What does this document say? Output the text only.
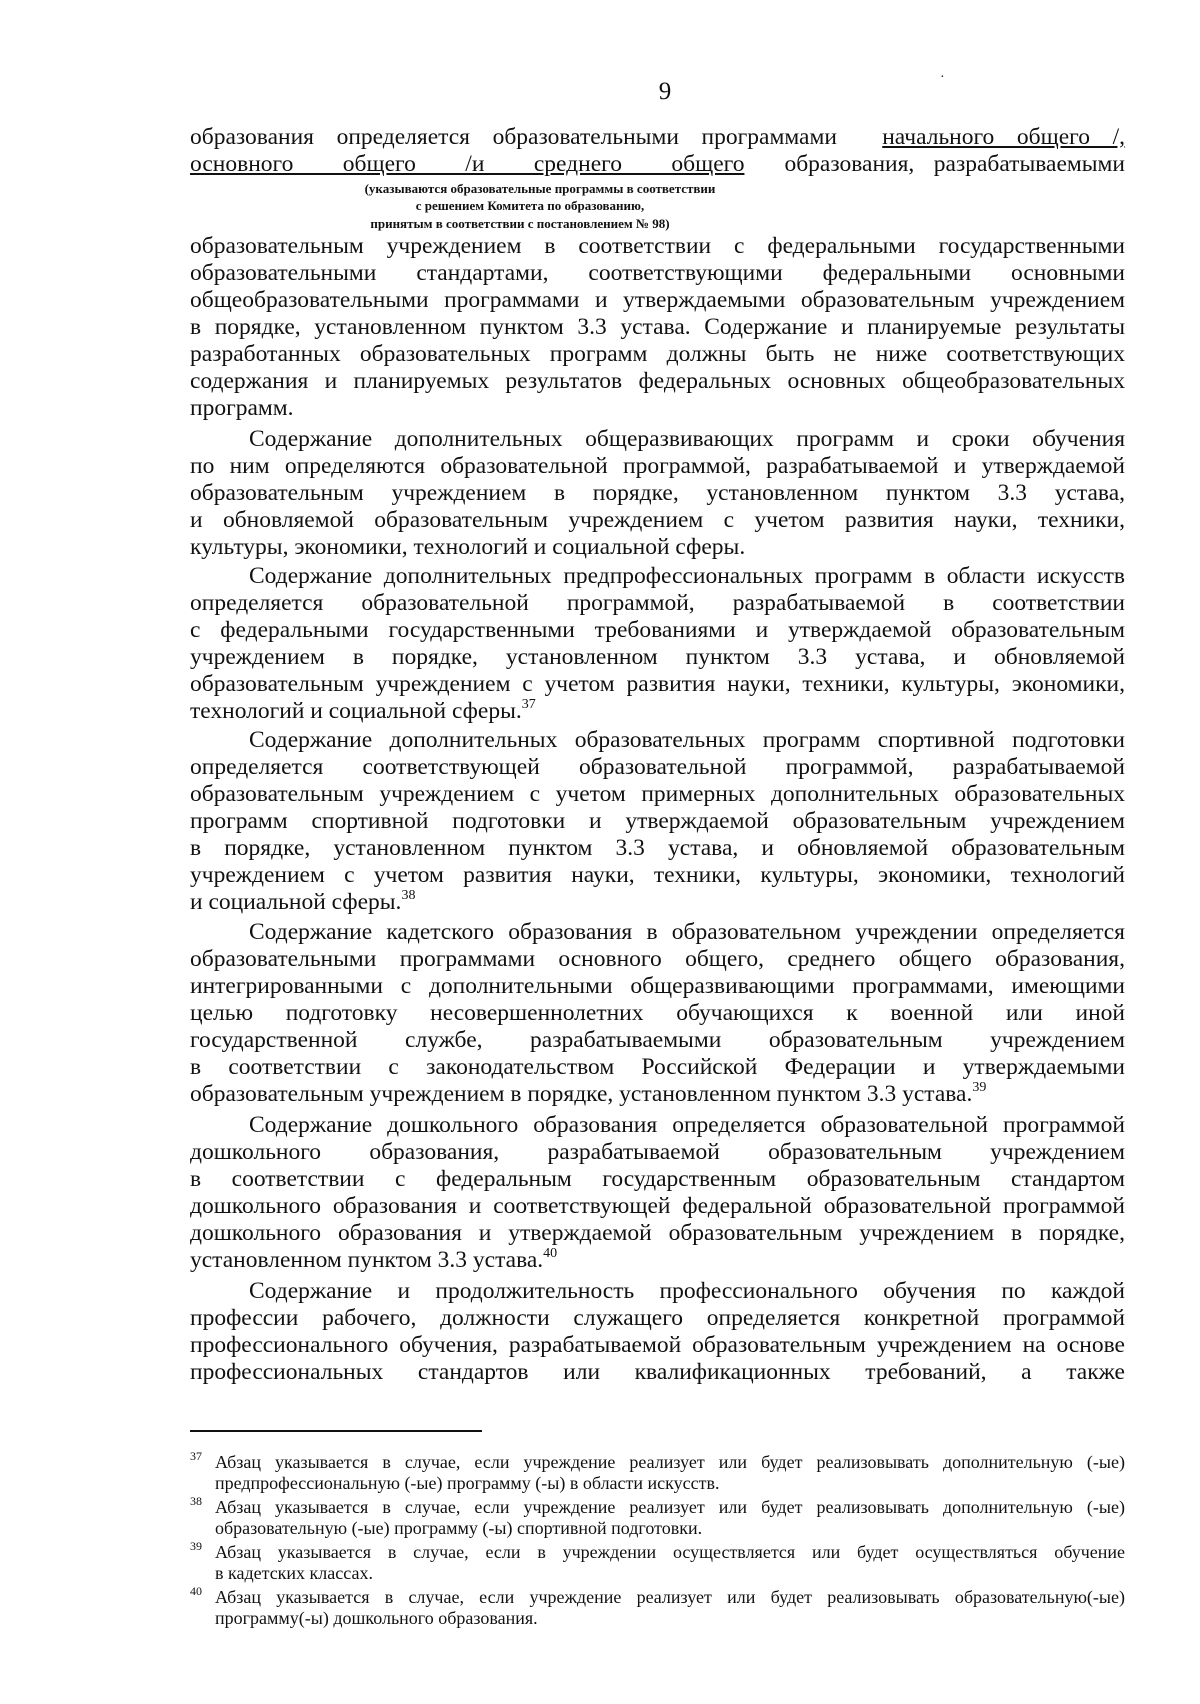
9
·
образования определяется образовательными программами начального общего /,
основного общего /и среднего общего образования, разрабатываемыми
(указываются образовательные программы в соответствии
с решением Комитета по образованию,
принятым в соответствии с постановлением № 98)
образовательным учреждением в соответствии с федеральными государственными
образовательными стандартами, соответствующими федеральными основными
общеобразовательными программами и утверждаемыми образовательным учреждением
в порядке, установленном пунктом 3.3 устава. Содержание и планируемые результаты
разработанных образовательных программ должны быть не ниже соответствующих
содержания и планируемых результатов федеральных основных общеобразовательных
программ.
Содержание дополнительных общеразвивающих программ и сроки обучения
по ним определяются образовательной программой, разрабатываемой и утверждаемой
образовательным учреждением в порядке, установленном пунктом 3.3 устава,
и обновляемой образовательным учреждением с учетом развития науки, техники,
культуры, экономики, технологий и социальной сферы.
Содержание дополнительных предпрофессиональных программ в области искусств
определяется образовательной программой, разрабатываемой в соответствии
с федеральными государственными требованиями и утверждаемой образовательным
учреждением в порядке, установленном пунктом 3.3 устава, и обновляемой
образовательным учреждением с учетом развития науки, техники, культуры, экономики,
технологий и социальной сферы.$^{37}$
Содержание дополнительных образовательных программ спортивной подготовки
определяется соответствующей образовательной программой, разрабатываемой
образовательным учреждением с учетом примерных дополнительных образовательных
программ спортивной подготовки и утверждаемой образовательным учреждением
в порядке, установленном пунктом 3.3 устава, и обновляемой образовательным
учреждением с учетом развития науки, техники, культуры, экономики, технологий
и социальной сферы.$^{38}$
Содержание кадетского образования в образовательном учреждении определяется
образовательными программами основного общего, среднего общего образования,
интегрированными с дополнительными общеразвивающими программами, имеющими
целью подготовку несовершеннолетних обучающихся к военной или иной
государственной службе, разрабатываемыми образовательным учреждением
в соответствии с законодательством Российской Федерации и утверждаемыми
образовательным учреждением в порядке, установленном пунктом 3.3 устава.$^{39}$
Содержание дошкольного образования определяется образовательной программой
дошкольного образования, разрабатываемой образовательным учреждением
в соответствии с федеральным государственным образовательным стандартом
дошкольного образования и соответствующей федеральной образовательной программой
дошкольного образования и утверждаемой образовательным учреждением в порядке,
установленном пунктом 3.3 устава.$^{40}$
Содержание и продолжительность профессионального обучения по каждой
профессии рабочего, должности служащего определяется конкретной программой
профессионального обучения, разрабатываемой образовательным учреждением на основе
профессиональных стандартов или квалификационных требований, а также
37 Абзац указывается в случае, если учреждение реализует или будет реализовывать дополнительную (-ые)
предпрофессиональную (-ые) программу (-ы) в области искусств.
38 Абзац указывается в случае, если учреждение реализует или будет реализовывать дополнительную (-ые)
образовательную (-ые) программу (-ы) спортивной подготовки.
39 Абзац указывается в случае, если в учреждении осуществляется или будет осуществляться обучение
в кадетских классах.
40 Абзац указывается в случае, если учреждение реализует или будет реализовывать образовательную(-ые)
программу(-ы) дошкольного образования.
